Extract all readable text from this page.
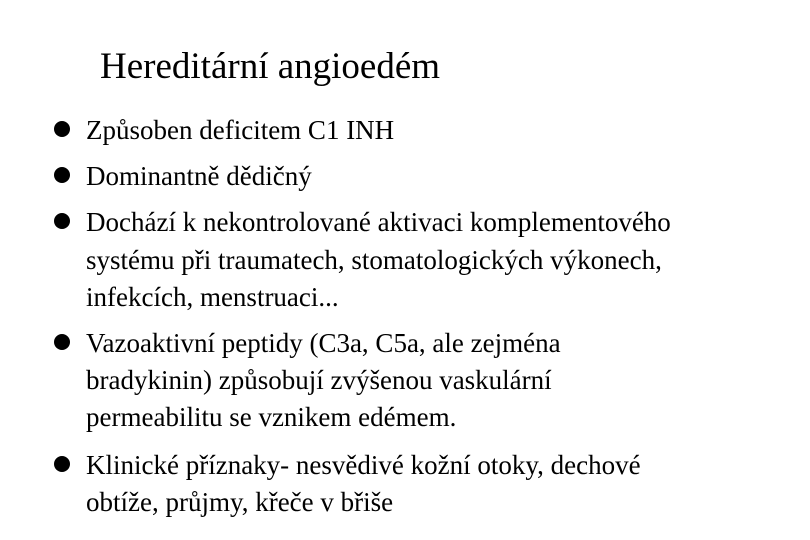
Hereditární angioedém
Způsoben deficitem C1 INH
Dominantně dědičný
Dochází k nekontrolované aktivaci komplementového
systému při traumatech, stomatologických výkonech,
infekcích, menstruaci...
Vazoaktivní peptidy (C3a, C5a, ale zejména
bradykinin) způsobují zvýšenou vaskulární
permeabilitu se vznikem edémem.
Klinické příznaky- nesvědivé kožní otoky, dechové
obtíže, průjmy, křeče v břiše
